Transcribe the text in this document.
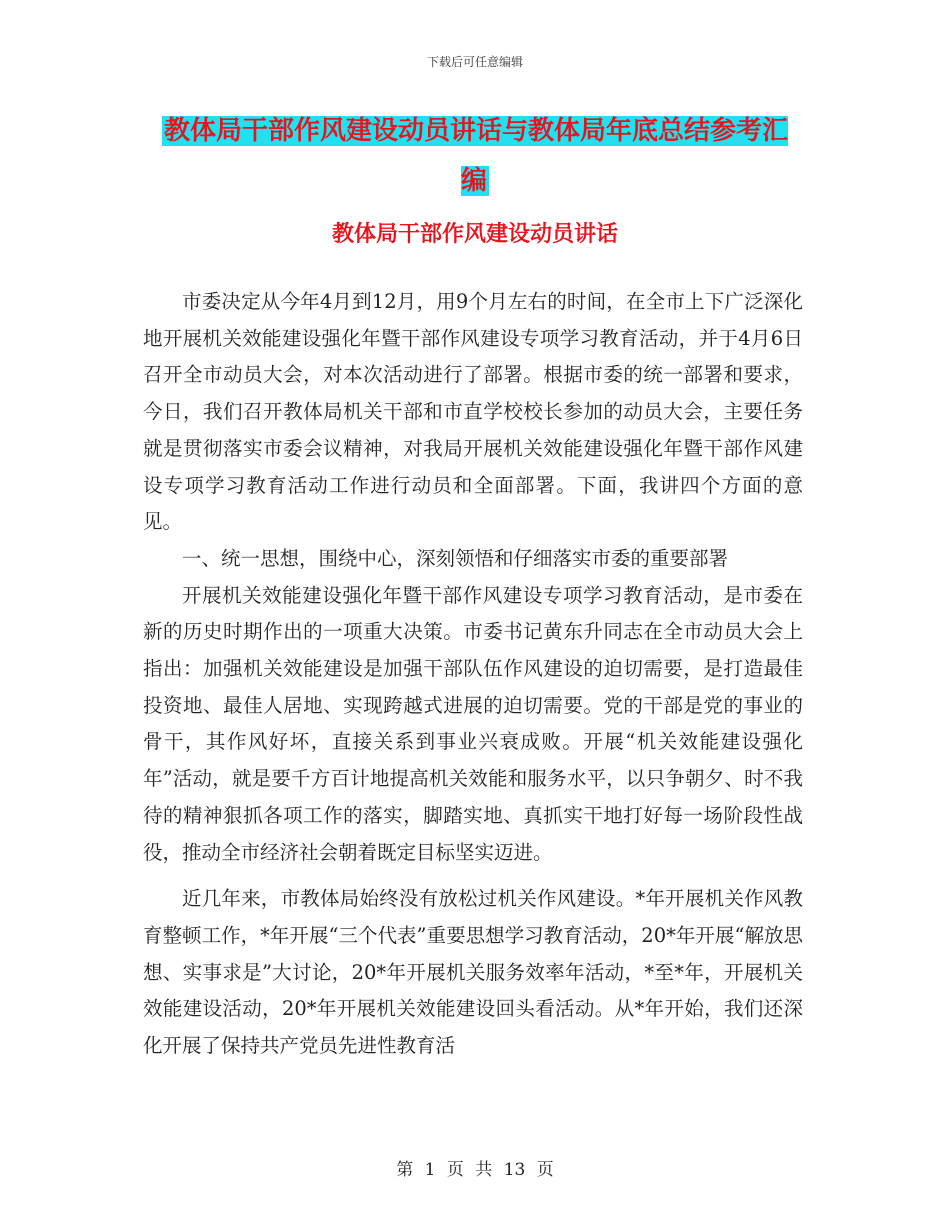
下载后可任意编辑
教体局干部作风建设动员讲话与教体局年底总结参考汇编
教体局干部作风建设动员讲话

市委决定从今年4月到12月，用9个月左右的时间，在全市上下广泛深化地开展机关效能建设强化年暨干部作风建设专项学习教育活动，并于4月6日召开全市动员大会，对本次活动进行了部署。根据市委的统一部署和要求，今日，我们召开教体局机关干部和市直学校校长参加的动员大会，主要任务就是贯彻落实市委会议精神，对我局开展机关效能建设强化年暨干部作风建设专项学习教育活动工作进行动员和全面部署。下面，我讲四个方面的意见。

一、统一思想，围绕中心，深刻领悟和仔细落实市委的重要部署

开展机关效能建设强化年暨干部作风建设专项学习教育活动，是市委在新的历史时期作出的一项重大决策。市委书记黄东升同志在全市动员大会上指出：加强机关效能建设是加强干部队伍作风建设的迫切需要，是打造最佳投资地、最佳人居地、实现跨越式进展的迫切需要。党的干部是党的事业的骨干，其作风好坏，直接关系到事业兴衰成败。开展“机关效能建设强化年”活动，就是要千方百计地提高机关效能和服务水平，以只争朝夕、时不我待的精神狠抓各项工作的落实，脚踏实地、真抓实干地打好每一场阶段性战役，推动全市经济社会朝着既定目标坚实迈进。

近几年来，市教体局始终没有放松过机关作风建设。*年开展机关作风教育整顿工作，*年开展“三个代表”重要思想学习教育活动，20*年开展“解放思想、实事求是”大讨论，20*年开展机关服务效率年活动，*至*年，开展机关效能建设活动，20*年开展机关效能建设回头看活动。从*年开始，我们还深化开展了保持共产党员先进性教育活

第 1 页 共 13 页
